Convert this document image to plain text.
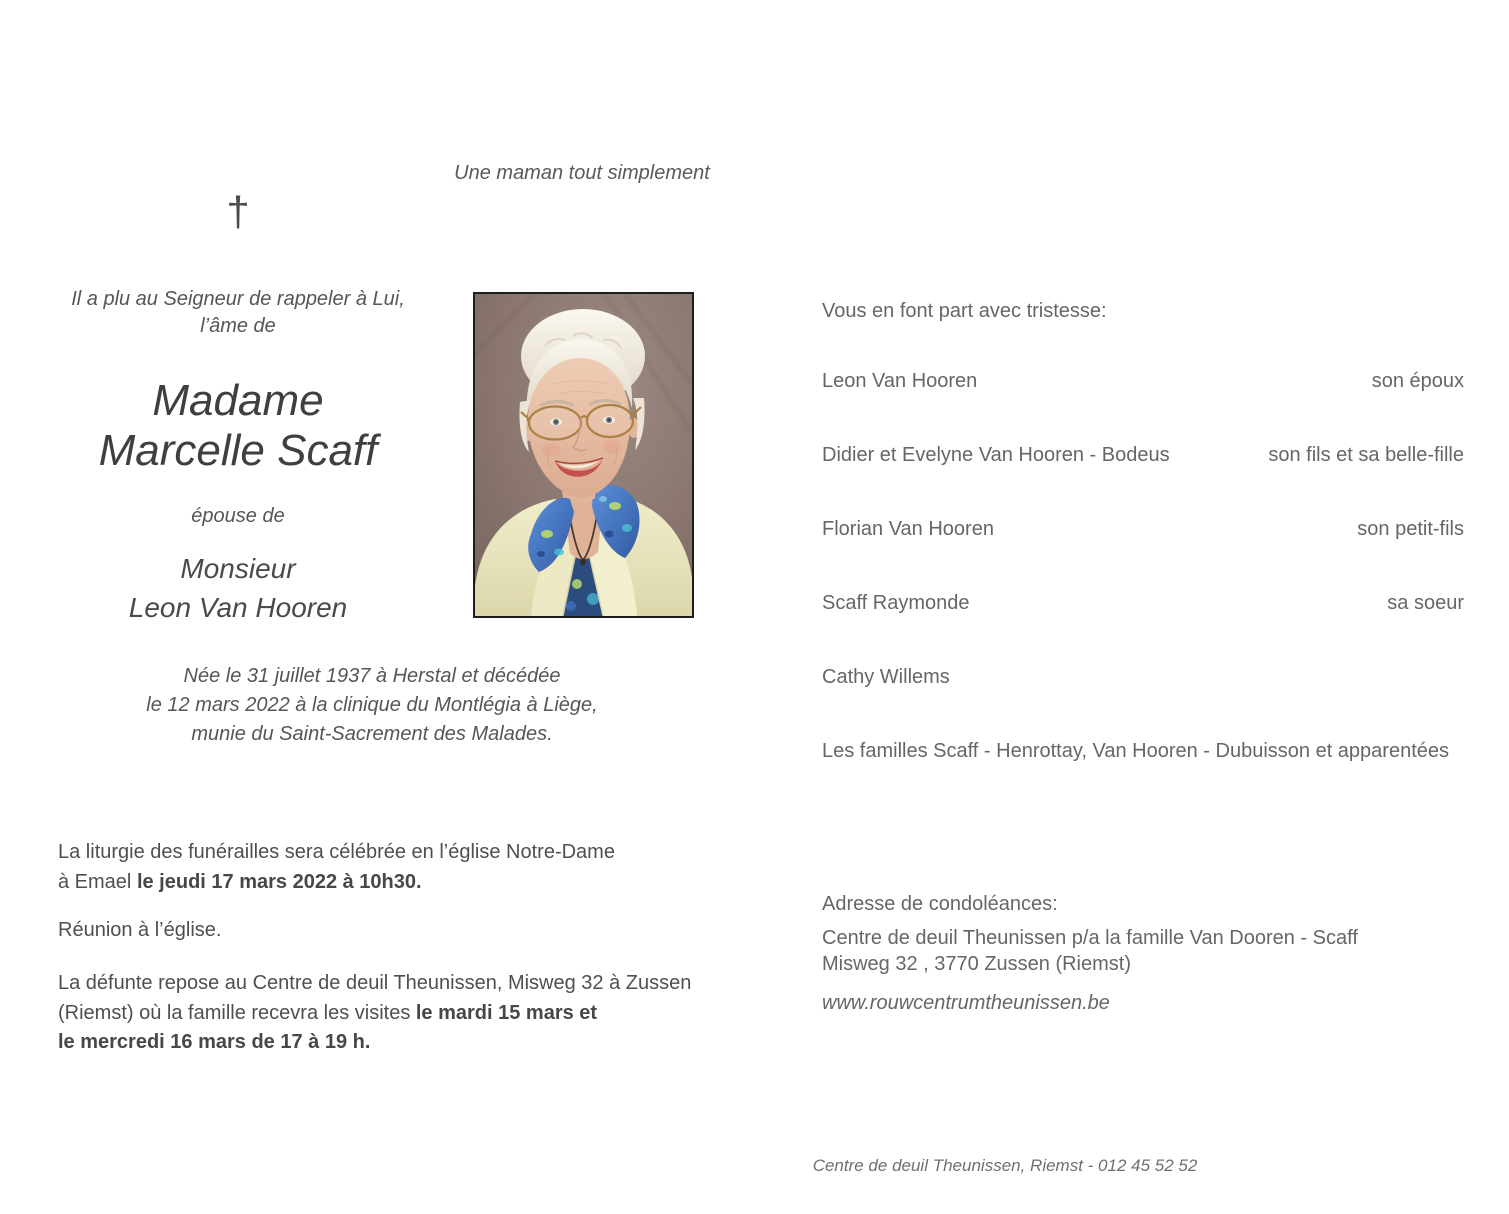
Une maman tout simplement
†
Il a plu au Seigneur de rappeler à Lui,
l’âme de
Madame
Marcelle Scaff
épouse de
Monsieur
Leon Van Hooren
Née le 31 juillet 1937 à Herstal et décédée
le 12 mars 2022 à la clinique du Montlégia à Liège,
munie du Saint-Sacrement des Malades.
La liturgie des funérailles sera célébrée en l’église Notre-Dame
à Emael le jeudi 17 mars 2022 à 10h30.
Réunion à l’église.
La défunte repose au Centre de deuil Theunissen, Misweg 32 à Zussen
(Riemst) où la famille recevra les visites le mardi 15 mars et
le mercredi 16 mars de 17 à 19 h.
Vous en font part avec tristesse:
Leon Van Hooren	son époux
Didier et Evelyne Van Hooren - Bodeus	son fils et sa belle-fille
Florian Van Hooren	son petit-fils
Scaff Raymonde	sa soeur
Cathy Willems
Les familles Scaff - Henrottay, Van Hooren - Dubuisson et apparentées
Adresse de condoléances:
Centre de deuil Theunissen p/a la famille Van Dooren - Scaff
Misweg 32 , 3770 Zussen (Riemst)
www.rouwcentrumtheunissen.be
Centre de deuil Theunissen, Riemst - 012 45 52 52
